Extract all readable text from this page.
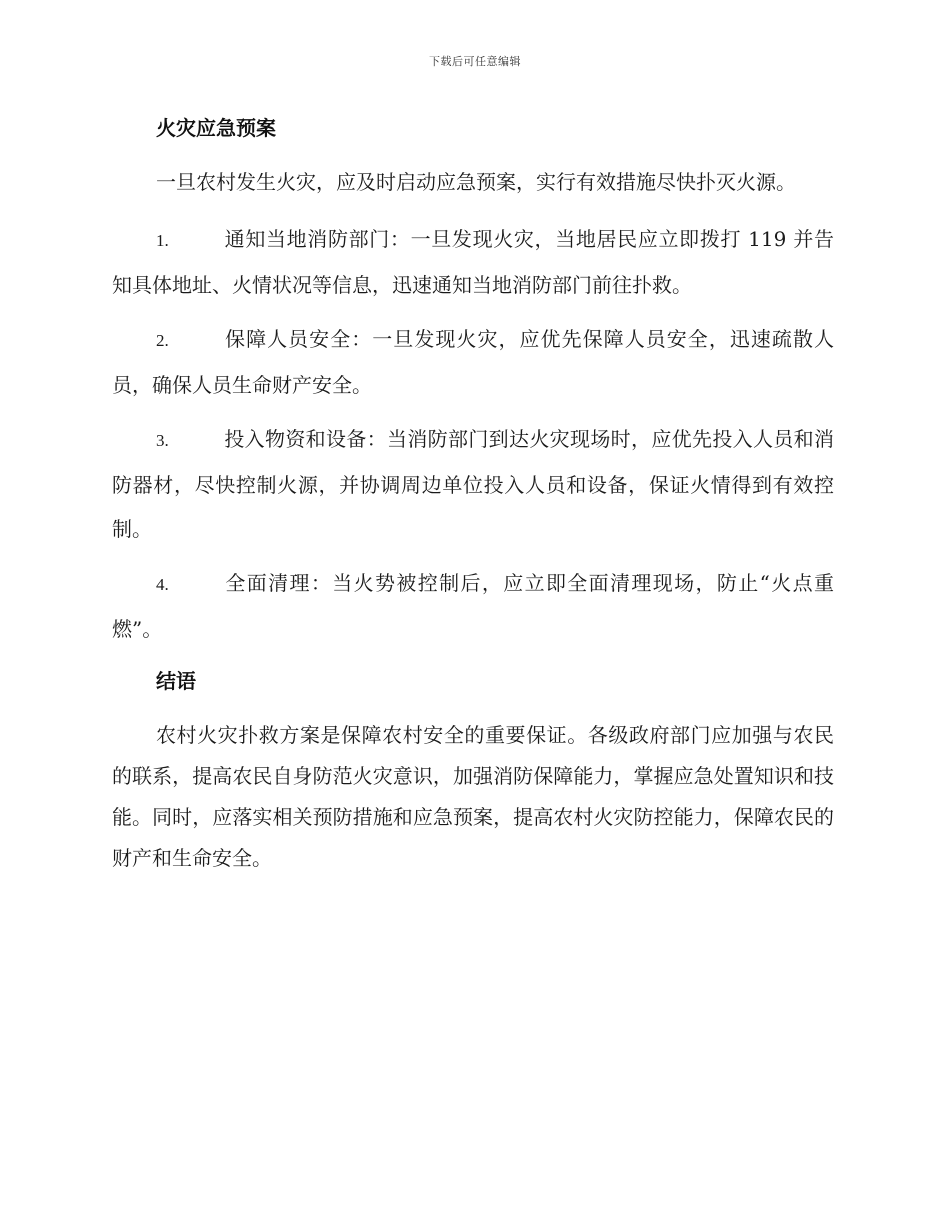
下载后可任意编辑
火灾应急预案

一旦农村发生火灾，应及时启动应急预案，实行有效措施尽快扑灭火源。

1.	通知当地消防部门：一旦发现火灾，当地居民应立即拨打 119 并告知具体地址、火情状况等信息，迅速通知当地消防部门前往扑救。

2.	保障人员安全：一旦发现火灾，应优先保障人员安全，迅速疏散人员，确保人员生命财产安全。

3.	投入物资和设备：当消防部门到达火灾现场时，应优先投入人员和消防器材，尽快控制火源，并协调周边单位投入人员和设备，保证火情得到有效控制。

4.	全面清理：当火势被控制后，应立即全面清理现场，防止“火点重燃”。

结语

农村火灾扑救方案是保障农村安全的重要保证。各级政府部门应加强与农民的联系，提高农民自身防范火灾意识，加强消防保障能力，掌握应急处置知识和技能。同时，应落实相关预防措施和应急预案，提高农村火灾防控能力，保障农民的财产和生命安全。
